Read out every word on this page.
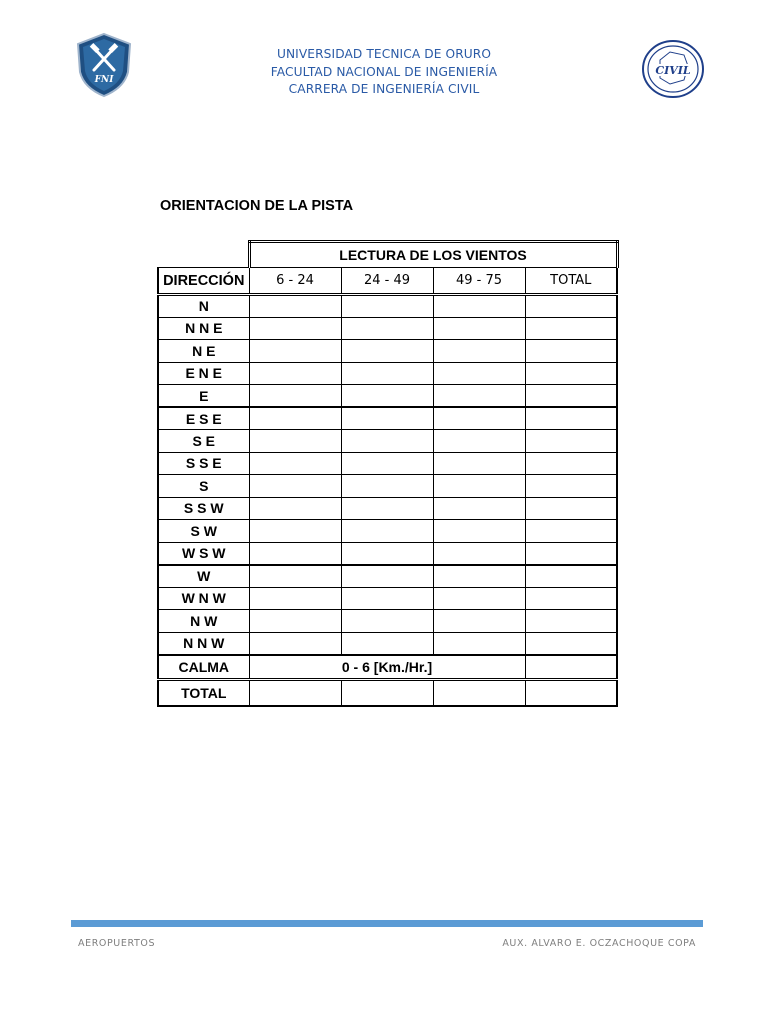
FNI
UNIVERSIDAD TECNICA DE ORURO
FACULTAD NACIONAL DE INGENIERÍA
CARRERA DE INGENIERÍA CIVIL
CIVIL
ORIENTACION DE LA PISTA
	LECTURA DE LOS VIENTOS			
DIRECCIÓN	6 - 24	24 - 49	49 - 75	TOTAL
N				
N N E				
N E				
E N E				
E				
E S E				
S E				
S S E				
S				
S S W				
S W				
W S W				
W				
W N W				
N W				
N N W				
CALMA	0 - 6 [Km./Hr.]			
TOTAL				
AEROPUERTOS	AUX. ALVARO E. OCZACHOQUE COPA
